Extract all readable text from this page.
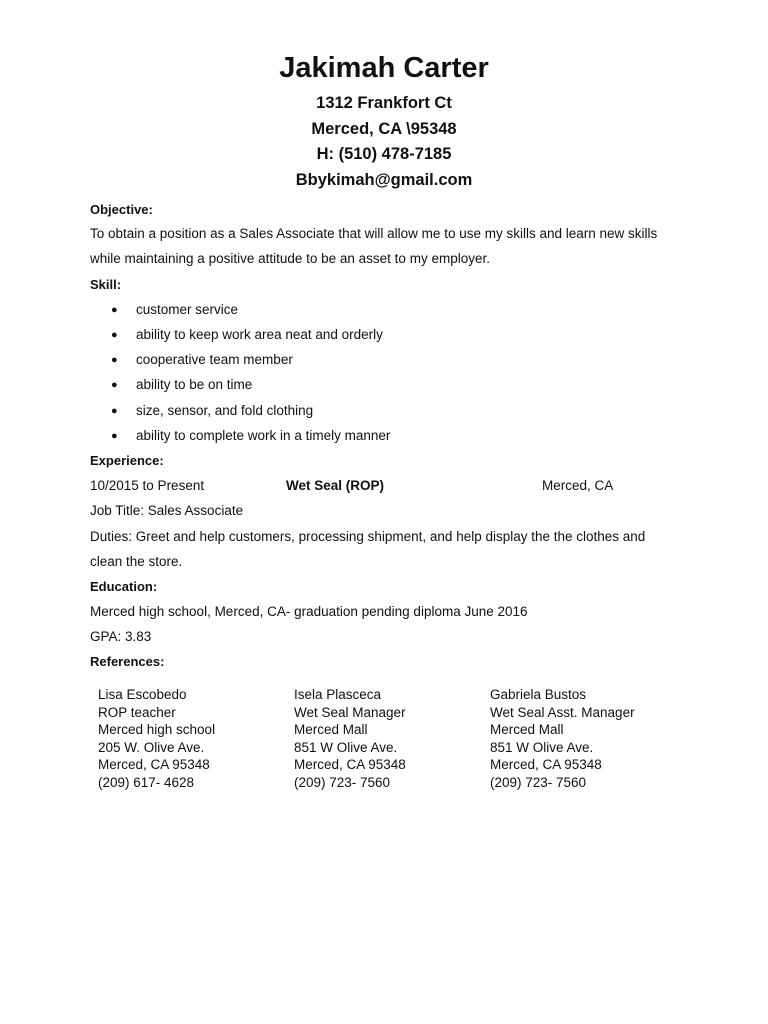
Jakimah Carter
1312 Frankfort Ct
Merced, CA \95348
H: (510) 478-7185
Bbykimah@gmail.com
Objective:
To obtain a position as a Sales Associate that will allow me to use my skills and learn new skills
while maintaining a positive attitude to be an asset to my employer.
Skill:
● customer service
● ability to keep work area neat and orderly
● cooperative team member
● ability to be on time
● size, sensor, and fold clothing
● ability to complete work in a timely manner
Experience:
10/2015 to Present	Wet Seal (ROP)	Merced, CA
Job Title: Sales Associate
Duties: Greet and help customers, processing shipment, and help display the the clothes and
clean the store.
Education:
Merced high school, Merced, CA- graduation pending diploma June 2016
GPA: 3.83
References:
Lisa Escobedo
ROP teacher
Merced high school
205 W. Olive Ave.
Merced, CA 95348
(209) 617- 4628
Isela Plasceca
Wet Seal Manager
Merced Mall
851 W Olive Ave.
Merced, CA 95348
(209) 723- 7560
Gabriela Bustos
Wet Seal Asst. Manager
Merced Mall
851 W Olive Ave.
Merced, CA 95348
(209) 723- 7560
